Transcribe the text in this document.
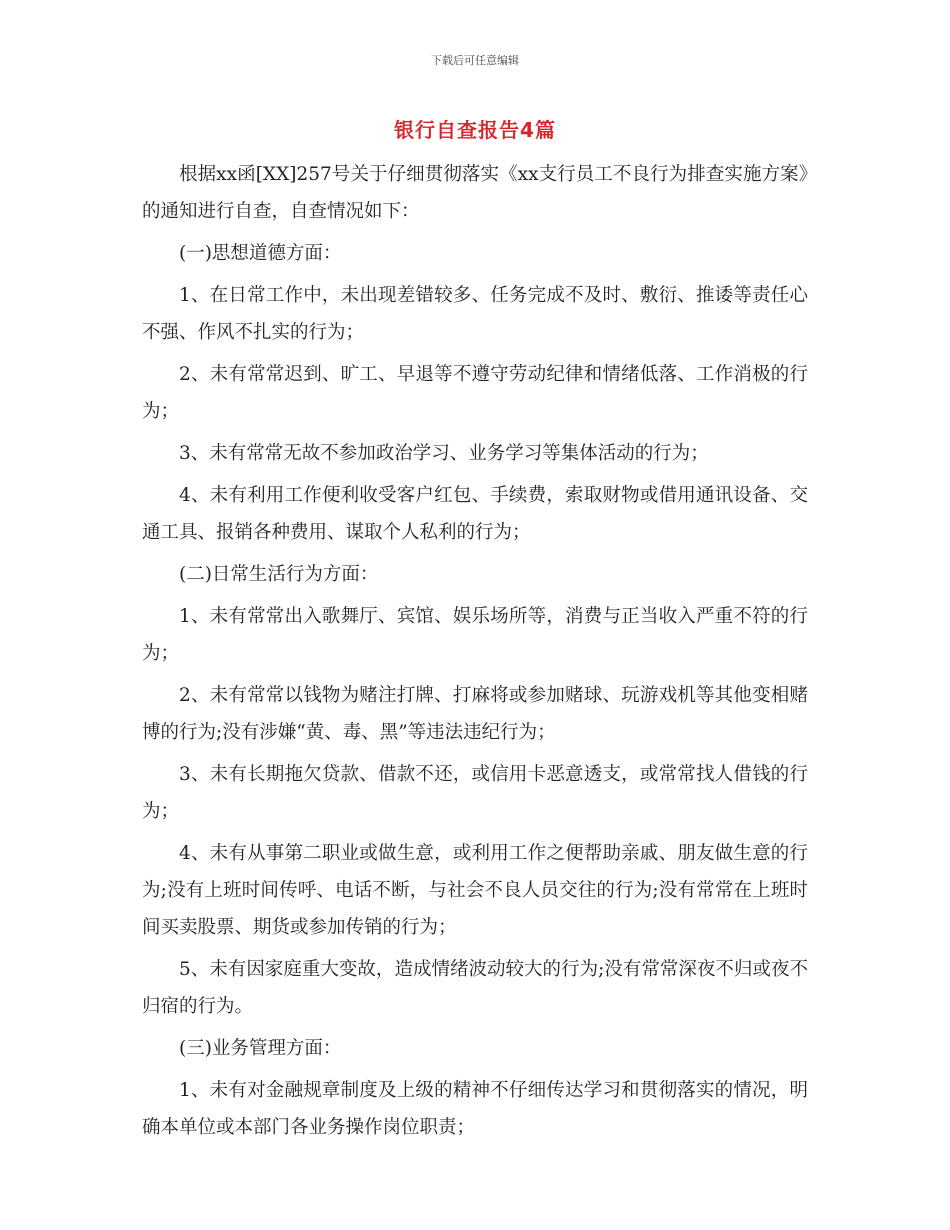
下载后可任意编辑
银行自查报告4篇

根据xx函[XX]257号关于仔细贯彻落实《xx支行员工不良行为排查实施方案》的通知进行自查，自查情况如下：

(一)思想道德方面：

1、在日常工作中，未出现差错较多、任务完成不及时、敷衍、推诿等责任心不强、作风不扎实的行为；

2、未有常常迟到、旷工、早退等不遵守劳动纪律和情绪低落、工作消极的行为；

3、未有常常无故不参加政治学习、业务学习等集体活动的行为；

4、未有利用工作便利收受客户红包、手续费，索取财物或借用通讯设备、交通工具、报销各种费用、谋取个人私利的行为；

(二)日常生活行为方面：

1、未有常常出入歌舞厅、宾馆、娱乐场所等，消费与正当收入严重不符的行为；

2、未有常常以钱物为赌注打牌、打麻将或参加赌球、玩游戏机等其他变相赌博的行为;没有涉嫌“黄、毒、黑”等违法违纪行为；

3、未有长期拖欠贷款、借款不还，或信用卡恶意透支，或常常找人借钱的行为；

4、未有从事第二职业或做生意，或利用工作之便帮助亲戚、朋友做生意的行为;没有上班时间传呼、电话不断，与社会不良人员交往的行为;没有常常在上班时间买卖股票、期货或参加传销的行为；

5、未有因家庭重大变故，造成情绪波动较大的行为;没有常常深夜不归或夜不归宿的行为。

(三)业务管理方面：

1、未有对金融规章制度及上级的精神不仔细传达学习和贯彻落实的情况，明确本单位或本部门各业务操作岗位职责；
